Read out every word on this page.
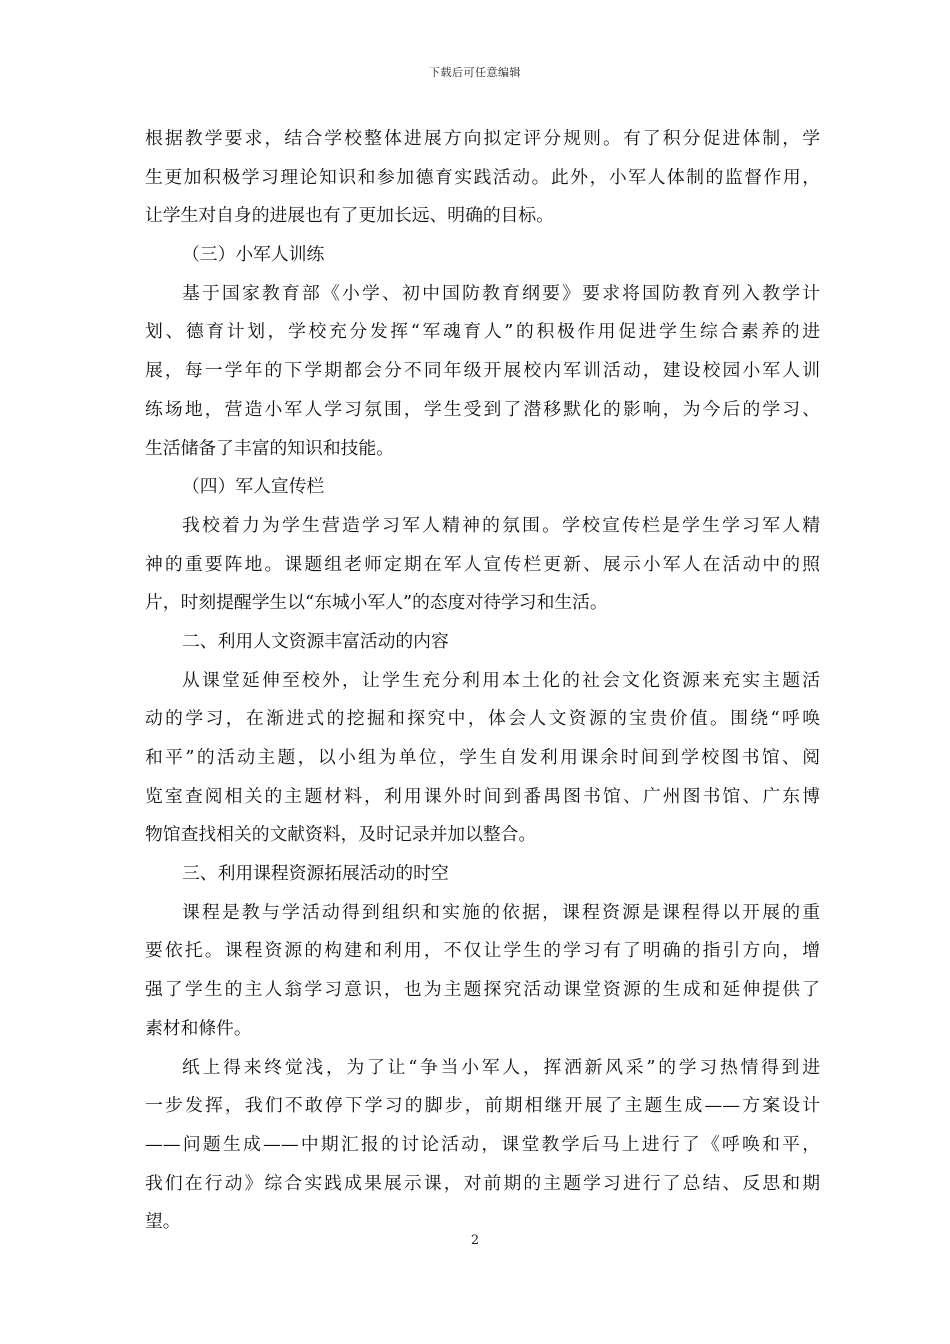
下载后可任意编辑
根据教学要求，结合学校整体进展方向拟定评分规则。有了积分促进体制，学
生更加积极学习理论知识和参加德育实践活动。此外，小军人体制的监督作用，
让学生对自身的进展也有了更加长远、明确的目标。
（三）小军人训练
基于国家教育部《小学、初中国防教育纲要》要求将国防教育列入教学计
划、德育计划，学校充分发挥“军魂育人”的积极作用促进学生综合素养的进
展，每一学年的下学期都会分不同年级开展校内军训活动，建设校园小军人训
练场地，营造小军人学习氛围，学生受到了潜移默化的影响，为今后的学习、
生活储备了丰富的知识和技能。
（四）军人宣传栏
我校着力为学生营造学习军人精神的氛围。学校宣传栏是学生学习军人精
神的重要阵地。课题组老师定期在军人宣传栏更新、展示小军人在活动中的照
片，时刻提醒学生以“东城小军人”的态度对待学习和生活。
二、利用人文资源丰富活动的内容
从课堂延伸至校外，让学生充分利用本土化的社会文化资源来充实主题活
动的学习，在渐进式的挖掘和探究中，体会人文资源的宝贵价值。围绕“呼唤
和平”的活动主题，以小组为单位，学生自发利用课余时间到学校图书馆、阅
览室查阅相关的主题材料，利用课外时间到番禺图书馆、广州图书馆、广东博
物馆查找相关的文献资料，及时记录并加以整合。
三、利用课程资源拓展活动的时空
课程是教与学活动得到组织和实施的依据，课程资源是课程得以开展的重
要依托。课程资源的构建和利用，不仅让学生的学习有了明确的指引方向，增
强了学生的主人翁学习意识，也为主题探究活动课堂资源的生成和延伸提供了
素材和條件。
纸上得来终觉浅，为了让“争当小军人，挥洒新风采”的学习热情得到进
一步发挥，我们不敢停下学习的脚步，前期相继开展了主题生成——方案设计
——问题生成——中期汇报的讨论活动，课堂教学后马上进行了《呼唤和平，
我们在行动》综合实践成果展示课，对前期的主题学习进行了总结、反思和期
望。
2
